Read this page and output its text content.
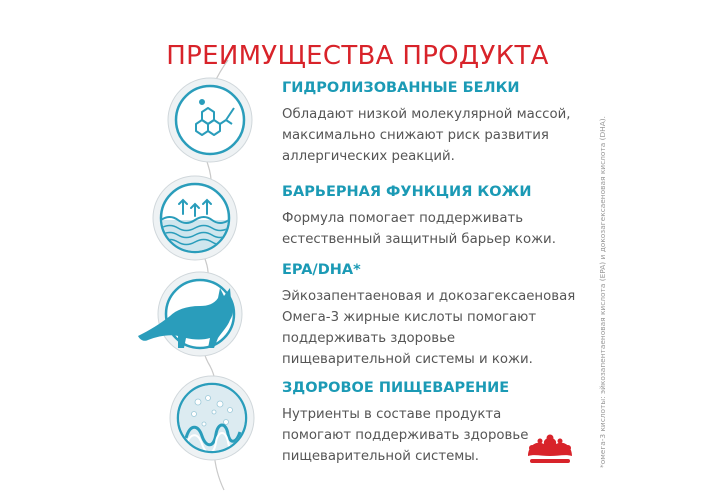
ПРЕИМУЩЕСТВА ПРОДУКТА

ГИДРОЛИЗОВАННЫЕ БЕЛКИ

Обладают низкой молекулярной массой,
максимально снижают риск развития
аллергических реакций.

БАРЬЕРНАЯ ФУНКЦИЯ КОЖИ

Формула помогает поддерживать
естественный защитный барьер кожи.

EPA/DHA*

Эйкозапентаеновая и докозагексаеновая
Омега-3 жирные кислоты помогают
поддерживать здоровье
пищеварительной системы и кожи.

ЗДОРОВОЕ ПИЩЕВАРЕНИЕ

Нутриенты в составе продукта
помогают поддерживать здоровье
пищеварительной системы.	*омега-3 кислоты: эйкозапентаеновая кислота (EPA) и докозагексаеновая кислота (DHA).
